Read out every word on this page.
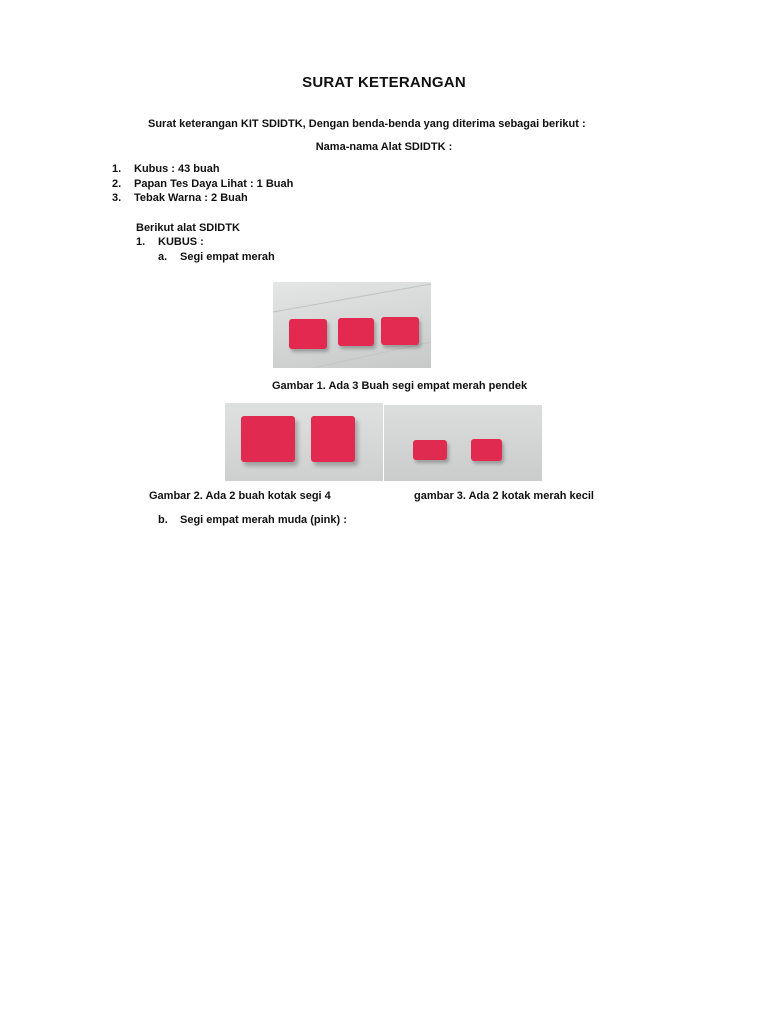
SURAT KETERANGAN
Surat keterangan KIT SDIDTK, Dengan benda-benda yang diterima sebagai berikut :
Nama-nama Alat SDIDTK :
1. Kubus : 43 buah
2. Papan Tes Daya Lihat : 1 Buah
3. Tebak Warna : 2 Buah
Berikut alat SDIDTK
1. KUBUS :
a. Segi empat merah
Gambar 1. Ada 3 Buah segi empat merah pendek
Gambar 2. Ada 2 buah kotak segi 4	gambar 3. Ada 2 kotak merah kecil
b. Segi empat merah muda (pink) :
